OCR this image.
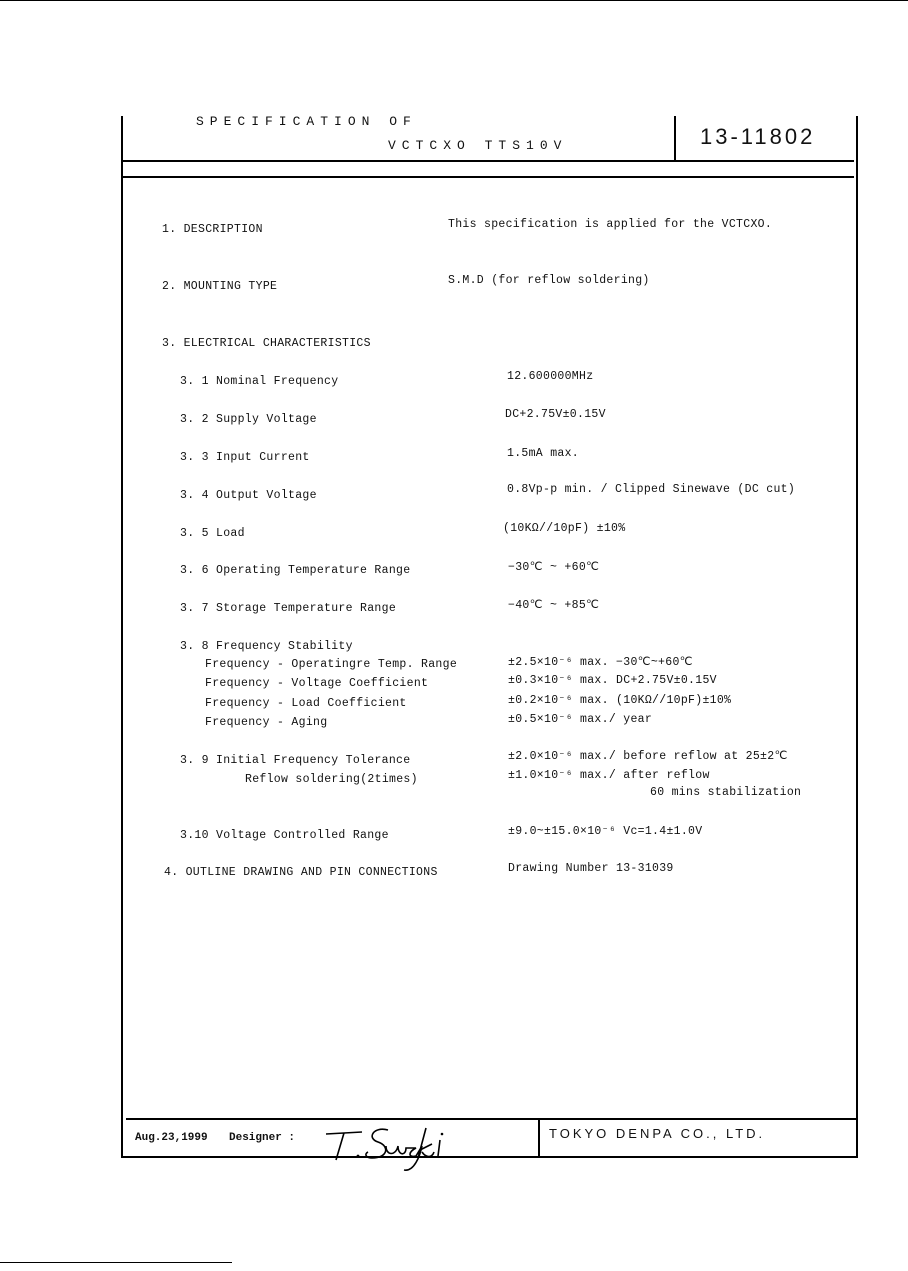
SPECIFICATION OF
VCTCXO TTS10V	13-11802
1. DESCRIPTION	This specification is applied for the VCTCXO.
2. MOUNTING TYPE	S.M.D (for reflow soldering)
3. ELECTRICAL CHARACTERISTICS
3. 1 Nominal Frequency	12.600000MHz
3. 2 Supply Voltage	DC+2.75V±0.15V
3. 3 Input Current	1.5mA max.
3. 4 Output Voltage	0.8Vp-p min. / Clipped Sinewave (DC cut)
3. 5 Load	(10KΩ//10pF) ±10%
3. 6 Operating Temperature Range	−30℃ ~ +60℃
3. 7 Storage Temperature Range	−40℃ ~ +85℃
3. 8 Frequency Stability
Frequency - Operatingre Temp. Range	±2.5×10⁻⁶ max. −30℃~+60℃
Frequency - Voltage Coefficient	±0.3×10⁻⁶ max. DC+2.75V±0.15V
Frequency - Load Coefficient	±0.2×10⁻⁶ max. (10KΩ//10pF)±10%
Frequency - Aging	±0.5×10⁻⁶ max./ year
3. 9 Initial Frequency Tolerance	±2.0×10⁻⁶ max./ before reflow at 25±2℃
Reflow soldering(2times)	±1.0×10⁻⁶ max./ after reflow
60 mins stabilization
3.10 Voltage Controlled Range	±9.0~±15.0×10⁻⁶ Vc=1.4±1.0V
4. OUTLINE DRAWING AND PIN CONNECTIONS	Drawing Number 13-31039
Aug.23,1999 Designer :	TOKYO DENPA CO., LTD.
